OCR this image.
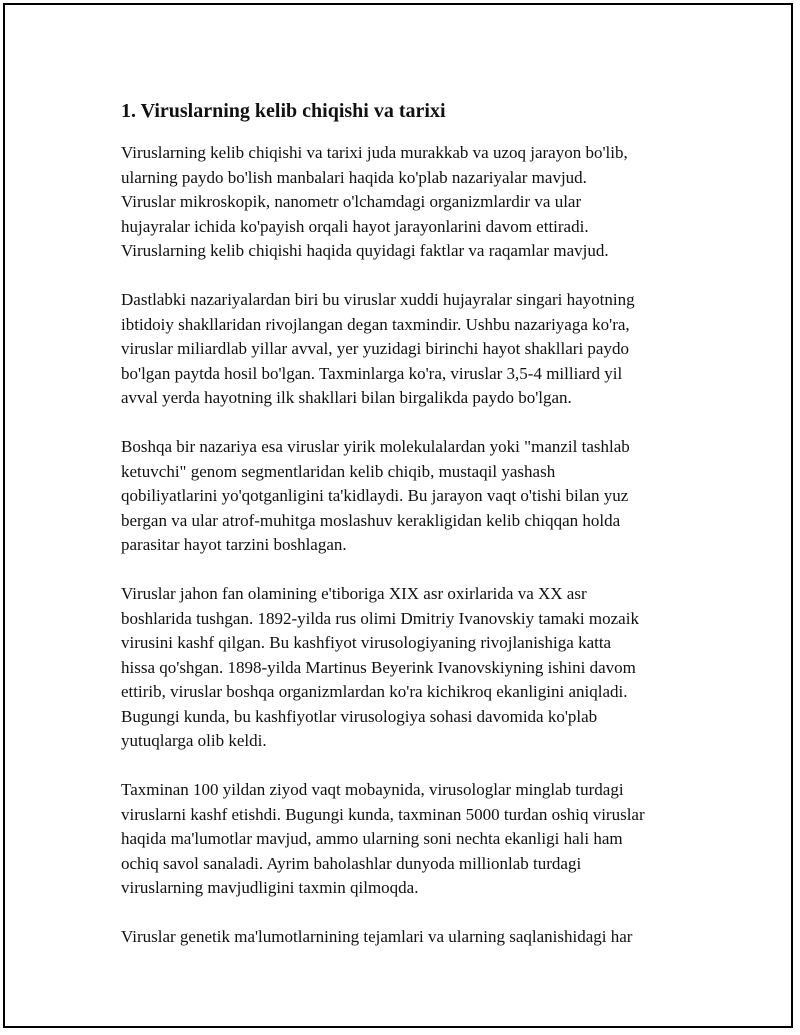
1. Viruslarning kelib chiqishi va tarixi

Viruslarning kelib chiqishi va tarixi juda murakkab va uzoq jarayon bo'lib,
ularning paydo bo'lish manbalari haqida ko'plab nazariyalar mavjud.
Viruslar mikroskopik, nanometr o'lchamdagi organizmlardir va ular
hujayralar ichida ko'payish orqali hayot jarayonlarini davom ettiradi.
Viruslarning kelib chiqishi haqida quyidagi faktlar va raqamlar mavjud.

Dastlabki nazariyalardan biri bu viruslar xuddi hujayralar singari hayotning
ibtidoiy shakllaridan rivojlangan degan taxmindir. Ushbu nazariyaga ko'ra,
viruslar miliardlab yillar avval, yer yuzidagi birinchi hayot shakllari paydo
bo'lgan paytda hosil bo'lgan. Taxminlarga ko'ra, viruslar 3,5-4 milliard yil
avval yerda hayotning ilk shakllari bilan birgalikda paydo bo'lgan.

Boshqa bir nazariya esa viruslar yirik molekulalardan yoki "manzil tashlab
ketuvchi" genom segmentlaridan kelib chiqib, mustaqil yashash
qobiliyatlarini yo'qotganligini ta'kidlaydi. Bu jarayon vaqt o'tishi bilan yuz
bergan va ular atrof-muhitga moslashuv kerakligidan kelib chiqqan holda
parasitar hayot tarzini boshlagan.

Viruslar jahon fan olamining e'tiboriga XIX asr oxirlarida va XX asr
boshlarida tushgan. 1892-yilda rus olimi Dmitriy Ivanovskiy tamaki mozaik
virusini kashf qilgan. Bu kashfiyot virusologiyaning rivojlanishiga katta
hissa qo'shgan. 1898-yilda Martinus Beyerink Ivanovskiyning ishini davom
ettirib, viruslar boshqa organizmlardan ko'ra kichikroq ekanligini aniqladi.
Bugungi kunda, bu kashfiyotlar virusologiya sohasi davomida ko'plab
yutuqlarga olib keldi.

Taxminan 100 yildan ziyod vaqt mobaynida, virusologlar minglab turdagi
viruslarni kashf etishdi. Bugungi kunda, taxminan 5000 turdan oshiq viruslar
haqida ma'lumotlar mavjud, ammo ularning soni nechta ekanligi hali ham
ochiq savol sanaladi. Ayrim baholashlar dunyoda millionlab turdagi
viruslarning mavjudligini taxmin qilmoqda.

Viruslar genetik ma'lumotlarnining tejamlari va ularning saqlanishidagi har
